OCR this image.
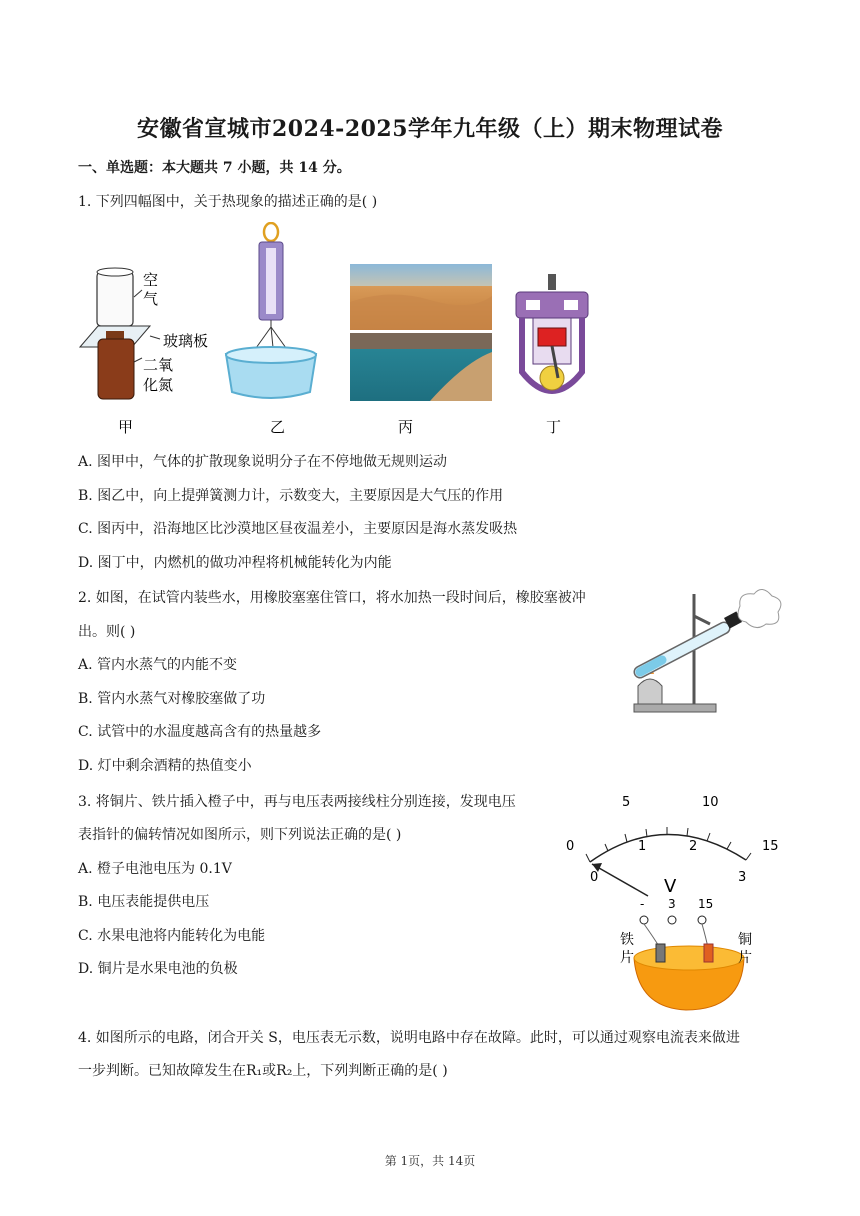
安徽省宣城市2024-2025学年九年级（上）期末物理试卷
一、单选题：本大题共 7 小题，共 14 分。
1. 下列四幅图中，关于热现象的描述正确的是( )
空
气
玻璃板
二氧
化氮
甲	乙	丙	丁
A. 图甲中，气体的扩散现象说明分子在不停地做无规则运动
B. 图乙中，向上提弹簧测力计，示数变大，主要原因是大气压的作用
C. 图丙中，沿海地区比沙漠地区昼夜温差小，主要原因是海水蒸发吸热
D. 图丁中，内燃机的做功冲程将机械能转化为内能
2. 如图，在试管内装些水，用橡胶塞塞住管口，将水加热一段时间后，橡胶塞被冲
出。则( )
A. 管内水蒸气的内能不变
B. 管内水蒸气对橡胶塞做了功
C. 试管中的水温度越高含有的热量越多
D. 灯中剩余酒精的热值变小
3. 将铜片、铁片插入橙子中，再与电压表两接线柱分别连接，发现电压
表指针的偏转情况如图所示，则下列说法正确的是( )
A. 橙子电池电压为 0.1V
B. 电压表能提供电压
C. 水果电池将内能转化为电能
D. 铜片是水果电池的负极
0
5	10
15
0
1	2
3
V
- 3 15
铁
片
铜
片
4. 如图所示的电路，闭合开关 S，电压表无示数，说明电路中存在故障。此时，可以通过观察电流表来做进
一步判断。已知故障发生在R₁或R₂上，下列判断正确的是( )
第 1页，共 14页
